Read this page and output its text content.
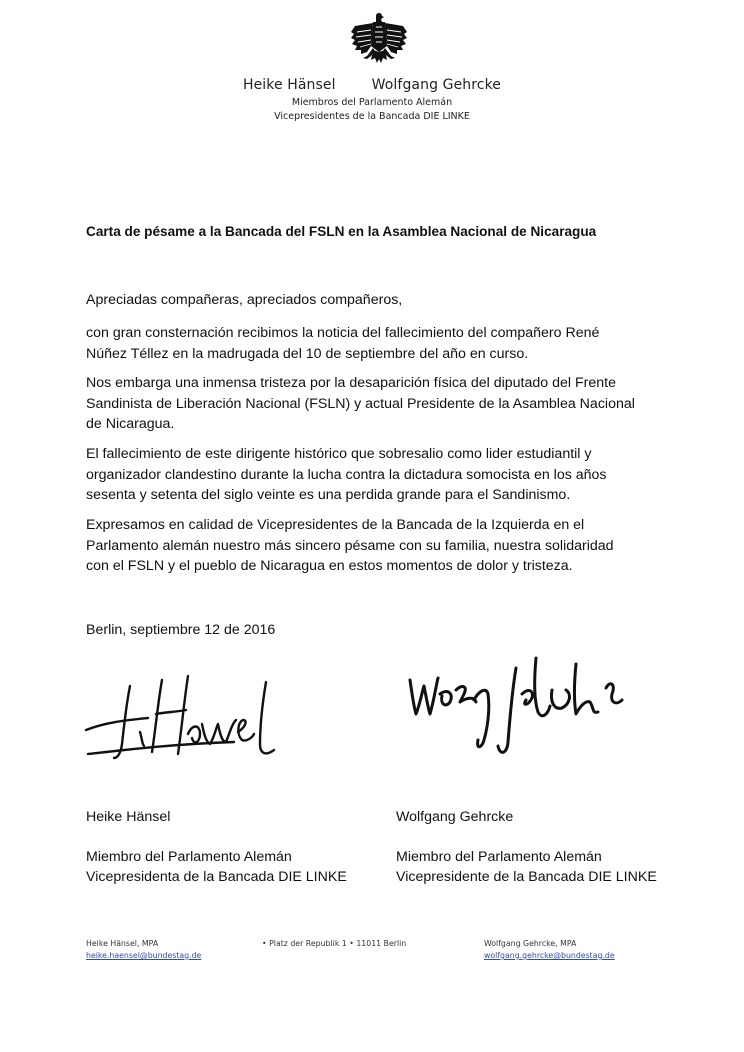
Heike Hänsel	Wolfgang Gehrcke
Miembros del Parlamento Alemán
Vicepresidentes de la Bancada DIE LINKE
Carta de pésame a la Bancada del FSLN en la Asamblea Nacional de Nicaragua
Apreciadas compañeras, apreciados compañeros,
con gran consternación recibimos la noticia del fallecimiento del compañero René
Núñez Téllez en la madrugada del 10 de septiembre del año en curso.
Nos embarga una inmensa tristeza por la desaparición física del diputado del Frente
Sandinista de Liberación Nacional (FSLN) y actual Presidente de la Asamblea Nacional
de Nicaragua.
El fallecimiento de este dirigente histórico que sobresalio como lider estudiantil y
organizador clandestino durante la lucha contra la dictadura somocista en los años
sesenta y setenta del siglo veinte es una perdida grande para el Sandinismo.
Expresamos en calidad de Vicepresidentes de la Bancada de la Izquierda en el
Parlamento alemán nuestro más sincero pésame con su familia, nuestra solidaridad
con el FSLN y el pueblo de Nicaragua en estos momentos de dolor y tristeza.
Berlin, septiembre 12 de 2016
Heike Hänsel
Miembro del Parlamento Alemán
Vicepresidenta de la Bancada DIE LINKE
Wolfgang Gehrcke
Miembro del Parlamento Alemán
Vicepresidente de la Bancada DIE LINKE
Heike Hänsel, MPA
heike.haensel@bundestag.de
• Platz der Republik 1 • 11011 Berlin	Wolfgang Gehrcke, MPA
wolfgang.gehrcke@bundestag.de
